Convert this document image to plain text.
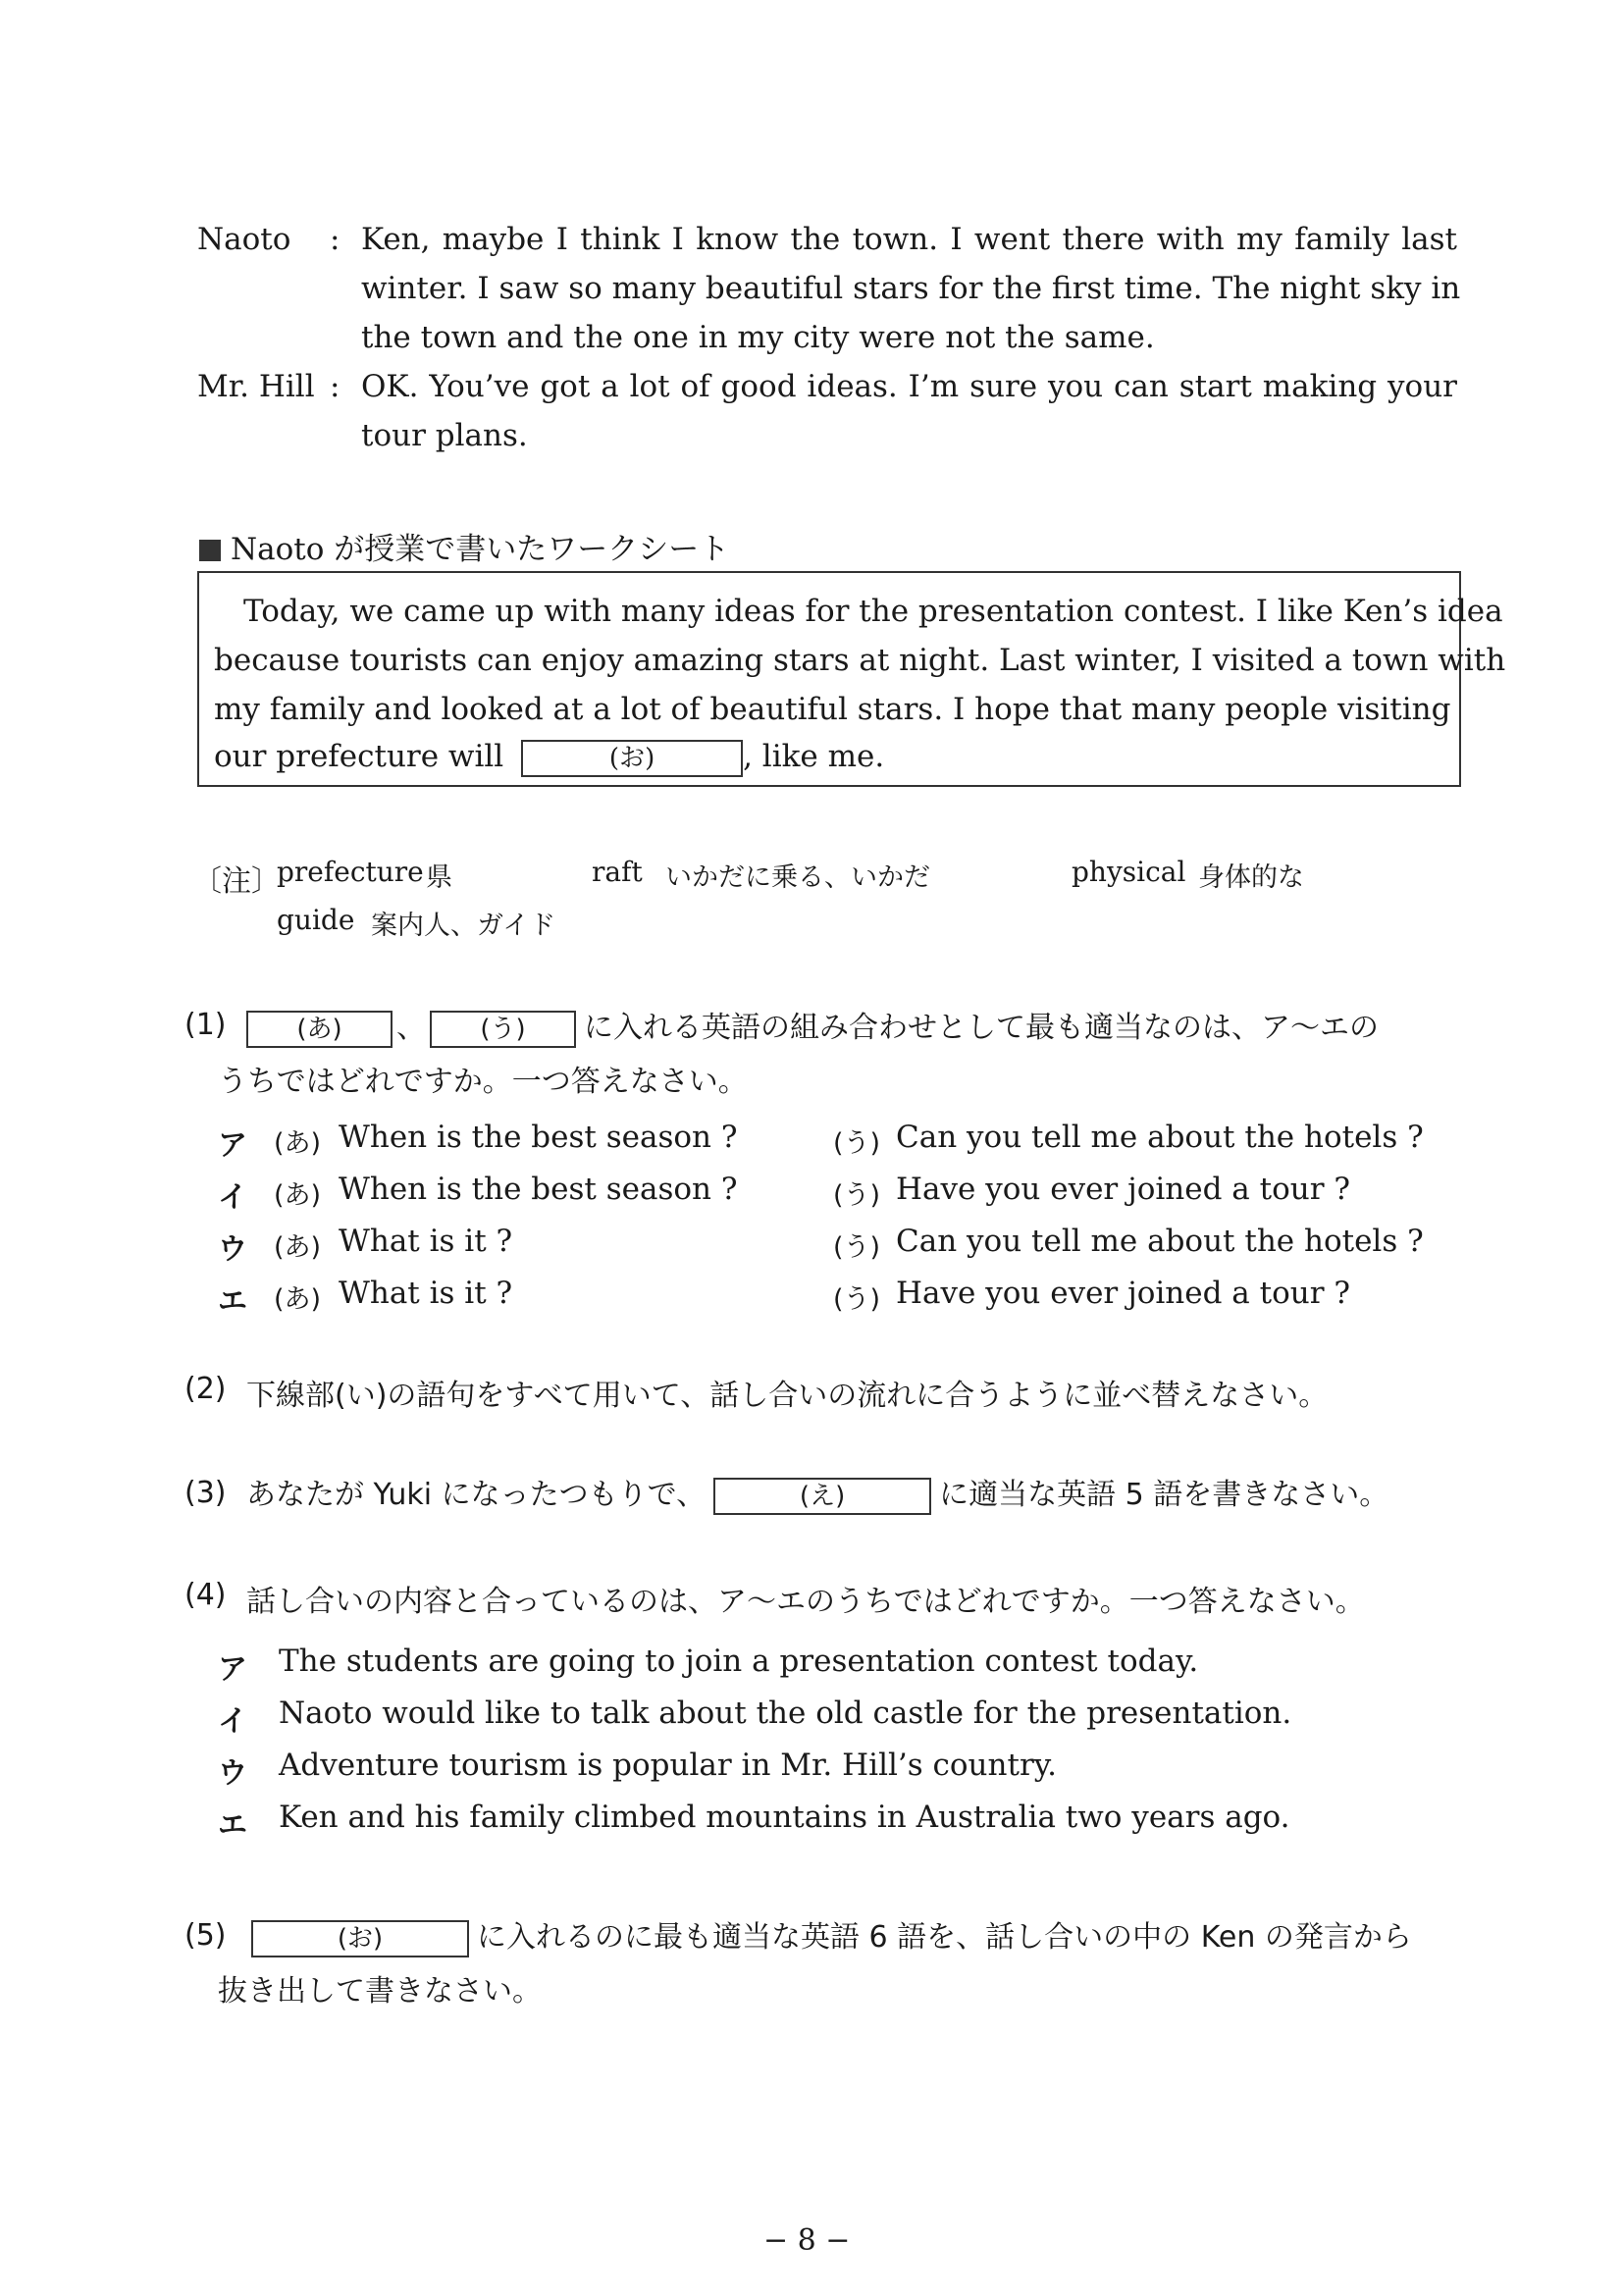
Naoto : Ken, maybe I think I know the town. I went there with my family last
winter. I saw so many beautiful stars for the first time. The night sky in
the town and the one in my city were not the same.
Mr. Hill : OK. You’ve got a lot of good ideas. I’m sure you can start making your
tour plans.
Naoto が授業で書いたワークシート
Today, we came up with many ideas for the presentation contest. I like Ken’s idea
because tourists can enjoy amazing stars at night. Last winter, I visited a town with
my family and looked at a lot of beautiful stars. I hope that many people visiting
our prefecture will	(お)	, like me.
〔注〕
prefecture 県	raft いかだに乗る、いかだ	physical 身体的な
guide 案内人、ガイド
(1)	(あ) 、 (う) に入れる英語の組み合わせとして最も適当なのは、ア～エの
うちではどれですか。一つ答えなさい。
ア (あ) When is the best season ?	(う) Can you tell me about the hotels ?
イ (あ) When is the best season ?	(う) Have you ever joined a tour ?
ウ (あ) What is it ?	(う) Can you tell me about the hotels ?
エ (あ) What is it ?	(う) Have you ever joined a tour ?
(2) 下線部(い)の語句をすべて用いて、話し合いの流れに合うように並べ替えなさい。
(3) あなたが Yuki になったつもりで、	(え)	に適当な英語 5 語を書きなさい。
(4) 話し合いの内容と合っているのは、ア～エのうちではどれですか。一つ答えなさい。
ア The students are going to join a presentation contest today.
イ Naoto would like to talk about the old castle for the presentation.
ウ Adventure tourism is popular in Mr. Hill’s country.
エ Ken and his family climbed mountains in Australia two years ago.
(5)	(お)	に入れるのに最も適当な英語 6 語を、話し合いの中の Ken の発言から
抜き出して書きなさい。
− 8 −
